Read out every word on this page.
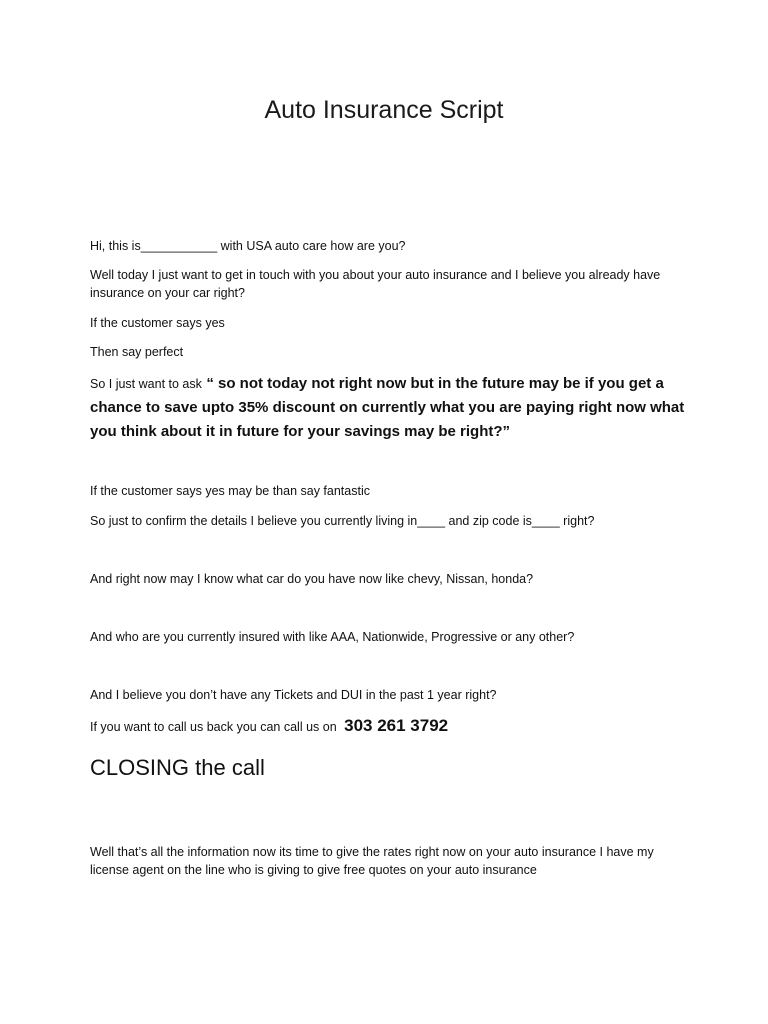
Auto Insurance Script
Hi, this is___________ with USA auto care how are you?
Well today I just want to get in touch with you about your auto insurance and I believe you already have insurance on your car right?
If the customer says yes
Then say perfect
So I just want to ask “ so not today not right now but in the future may be if you get a chance to save upto 35% discount on currently what you are paying right now what you think about it in future for your savings may be right?”
If the customer says yes may be than say fantastic
So just to confirm the details I believe you currently living in____ and zip code is____ right?
And right now may I know what car do you have now like chevy, Nissan, honda?
And who are you currently insured with like AAA, Nationwide, Progressive or any other?
And I believe you don’t have any Tickets and DUI in the past 1 year right?
If you want to call us back you can call us on 303 261 3792
CLOSING the call
Well that’s all the information now its time to give the rates right now on your auto insurance I have my license agent on the line who is giving to give free quotes on your auto insurance
